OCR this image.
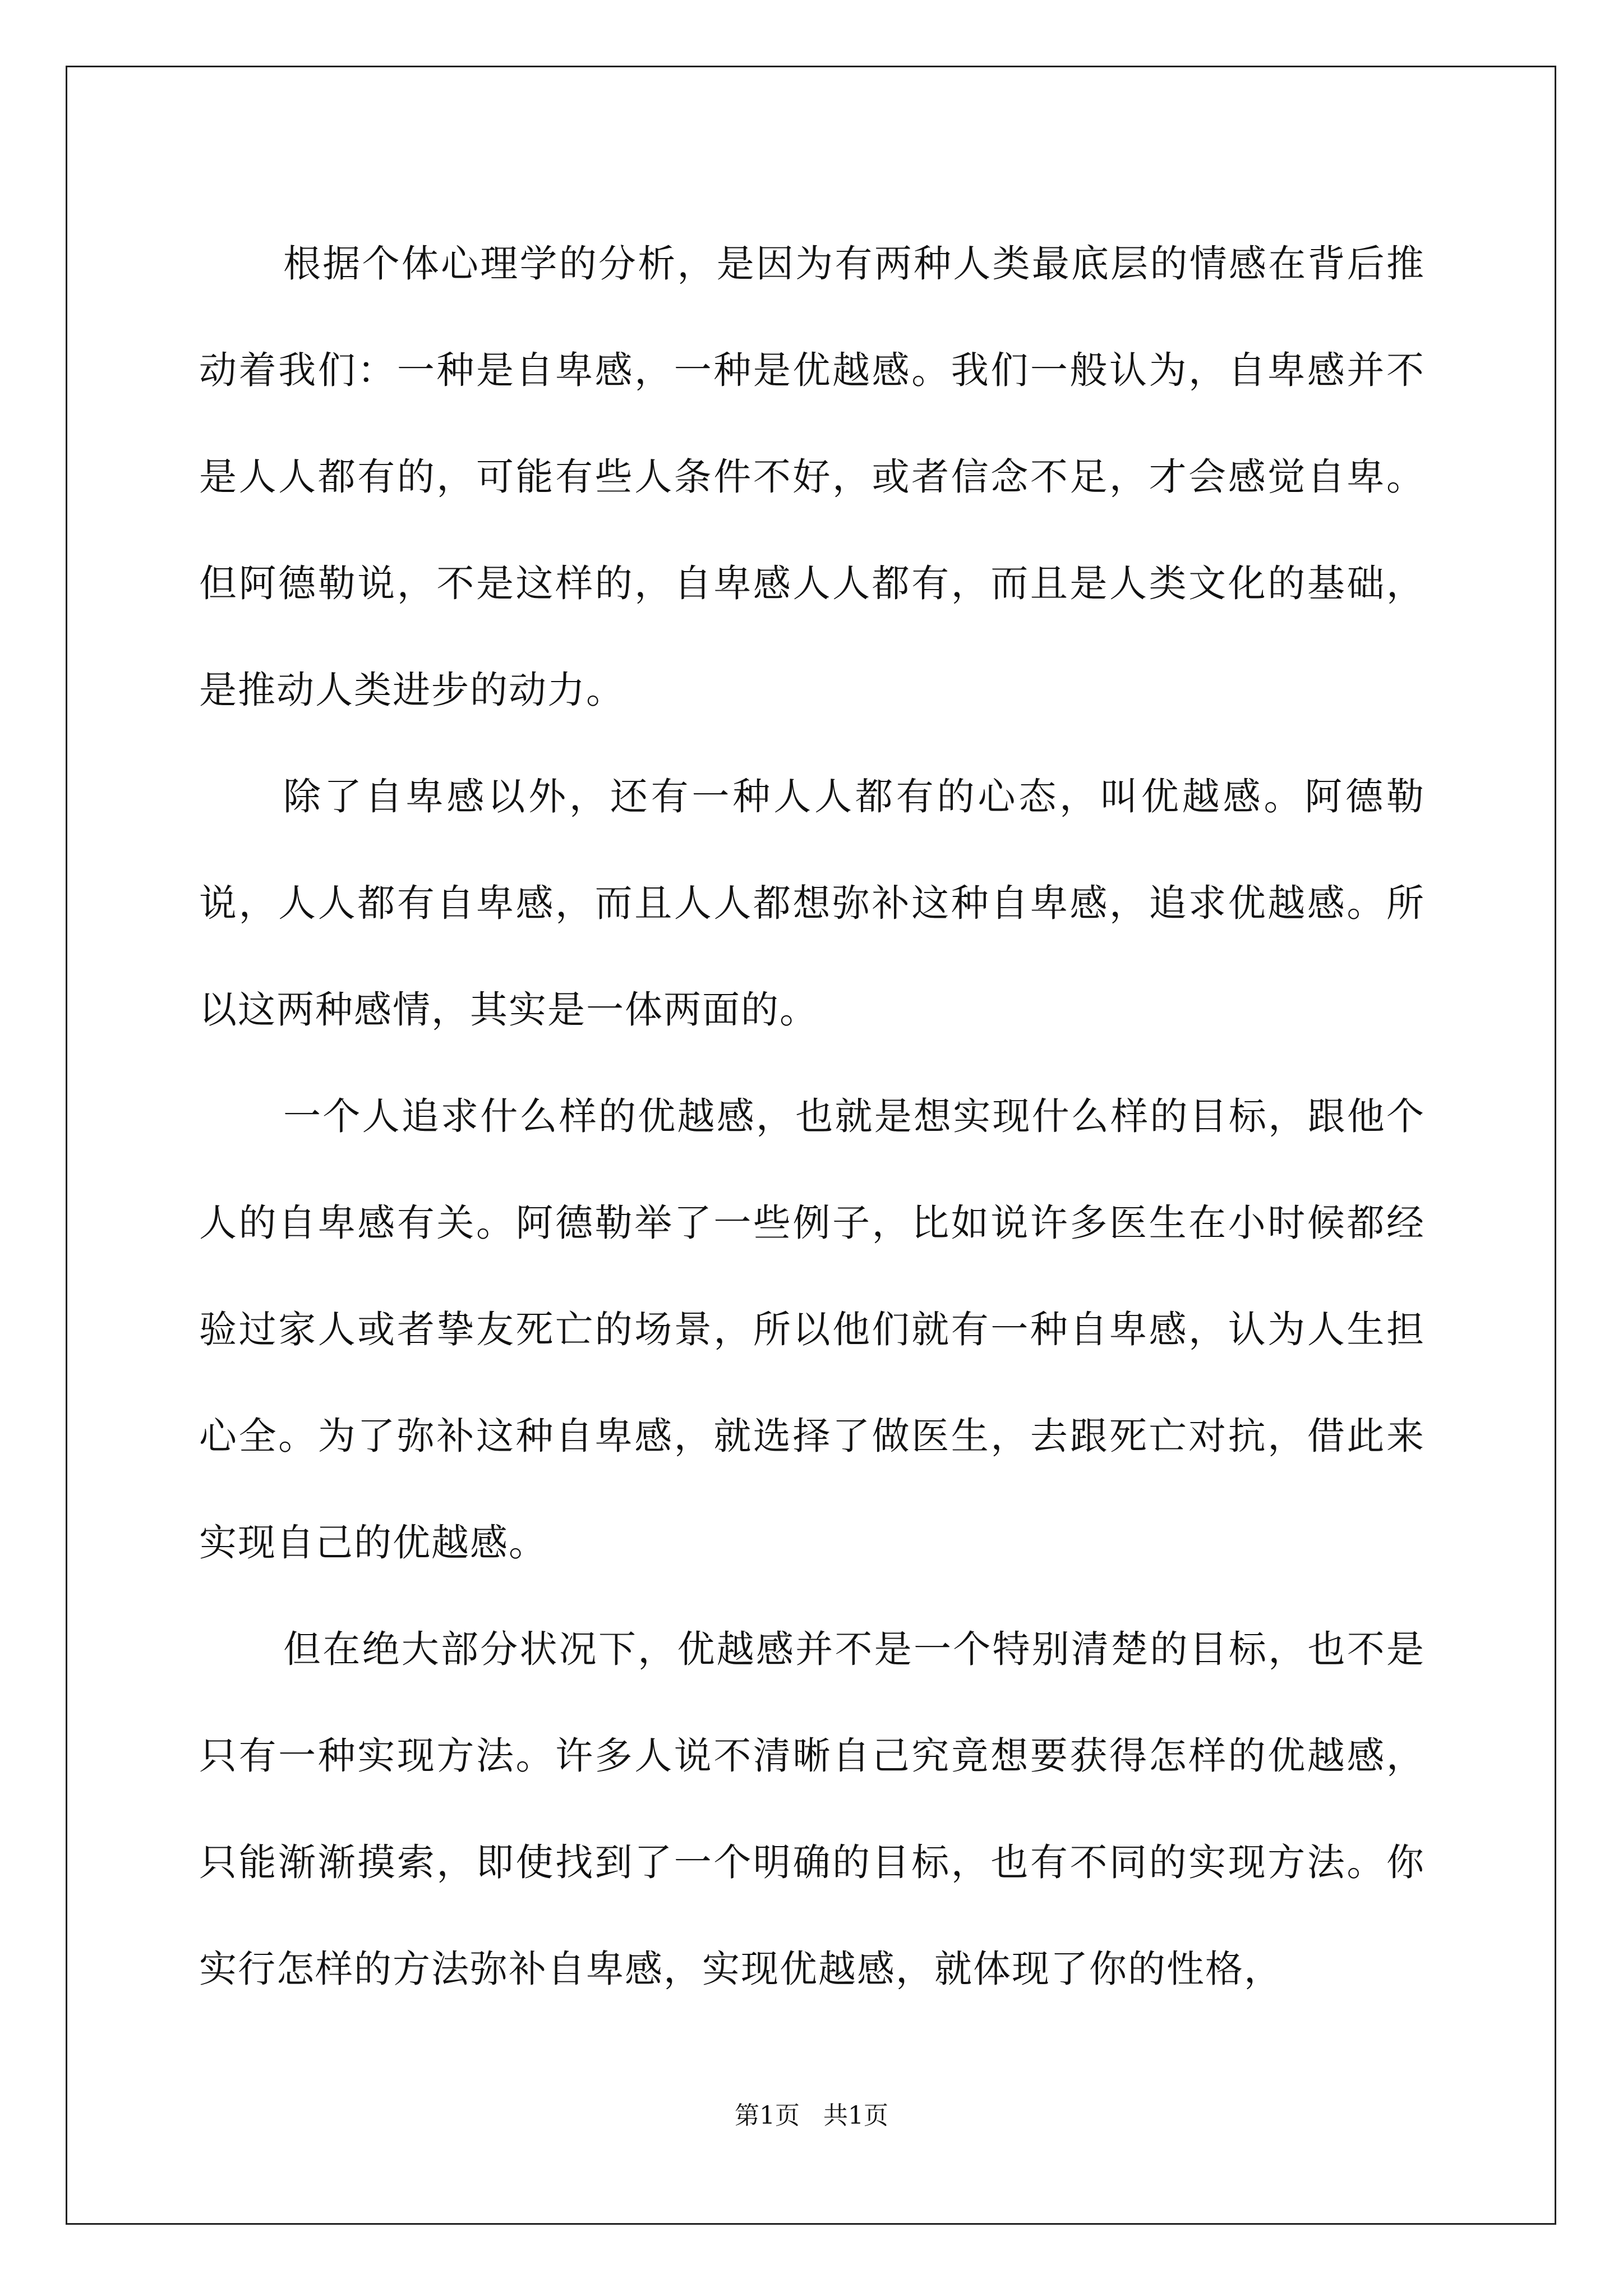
根据个体心理学的分析，是因为有两种人类最底层的情感在背后推动着我们：一种是自卑感，一种是优越感。我们一般认为，自卑感并不是人人都有的，可能有些人条件不好，或者信念不足，才会感觉自卑。但阿德勒说，不是这样的，自卑感人人都有，而且是人类文化的基础，是推动人类进步的动力。

除了自卑感以外，还有一种人人都有的心态，叫优越感。阿德勒说，人人都有自卑感，而且人人都想弥补这种自卑感，追求优越感。所以这两种感情，其实是一体两面的。

一个人追求什么样的优越感，也就是想实现什么样的目标，跟他个人的自卑感有关。阿德勒举了一些例子，比如说许多医生在小时候都经验过家人或者挚友死亡的场景，所以他们就有一种自卑感，认为人生担心全。为了弥补这种自卑感，就选择了做医生，去跟死亡对抗，借此来实现自己的优越感。

但在绝大部分状况下，优越感并不是一个特别清楚的目标，也不是只有一种实现方法。许多人说不清晰自己究竟想要获得怎样的优越感，只能渐渐摸索，即使找到了一个明确的目标，也有不同的实现方法。你实行怎样的方法弥补自卑感，实现优越感，就体现了你的性格，

第1页 共1页
